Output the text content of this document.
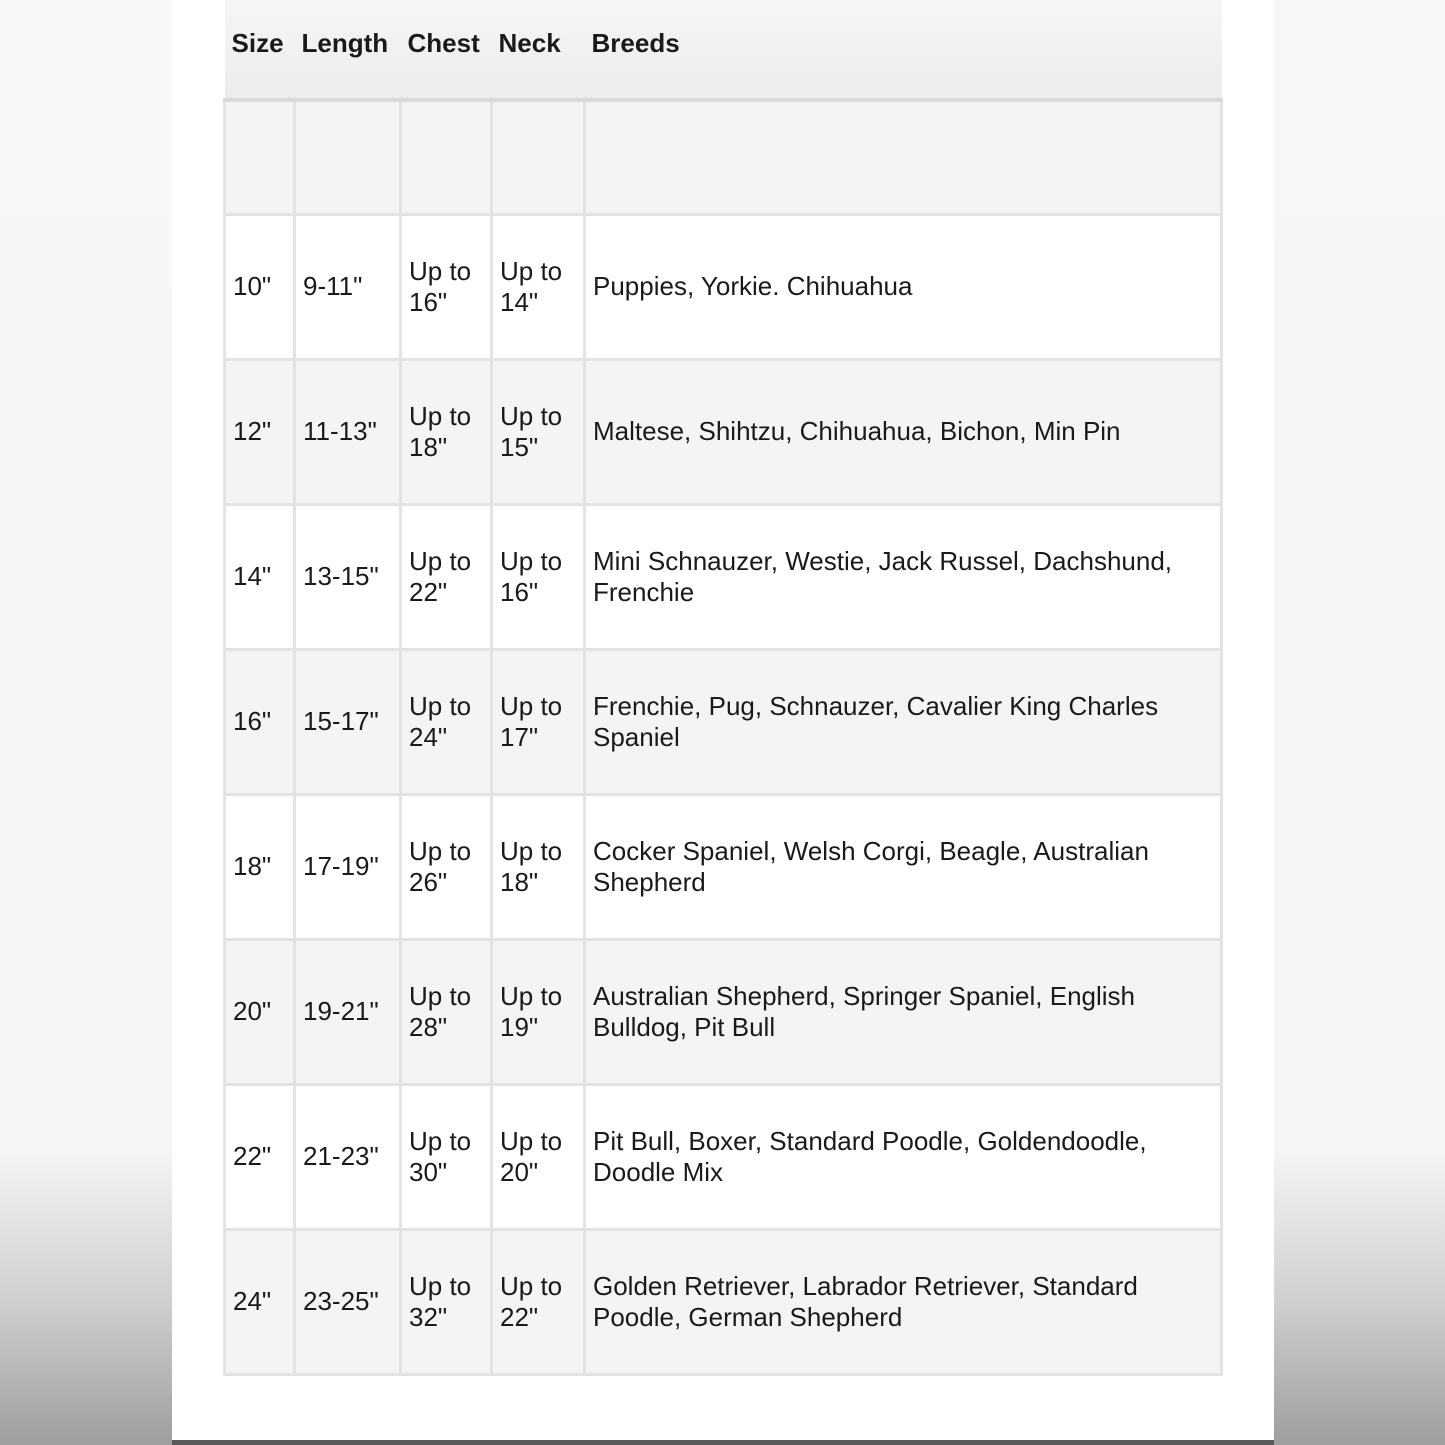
Size	Length	Chest	Neck	Breeds

10"	9-11"	Up to 16"	Up to 14"	Puppies, Yorkie. Chihuahua
12"	11-13"	Up to 18"	Up to 15"	Maltese, Shihtzu, Chihuahua, Bichon, Min Pin
14"	13-15"	Up to 22"	Up to 16"	Mini Schnauzer, Westie, Jack Russel, Dachshund, Frenchie
16"	15-17"	Up to 24"	Up to 17"	Frenchie, Pug, Schnauzer, Cavalier King Charles Spaniel
18"	17-19"	Up to 26"	Up to 18"	Cocker Spaniel, Welsh Corgi, Beagle, Australian Shepherd
20"	19-21"	Up to 28"	Up to 19"	Australian Shepherd, Springer Spaniel, English Bulldog, Pit Bull
22"	21-23"	Up to 30"	Up to 20"	Pit Bull, Boxer, Standard Poodle, Goldendoodle, Doodle Mix
24"	23-25"	Up to 32"	Up to 22"	Golden Retriever, Labrador Retriever, Standard Poodle, German Shepherd
